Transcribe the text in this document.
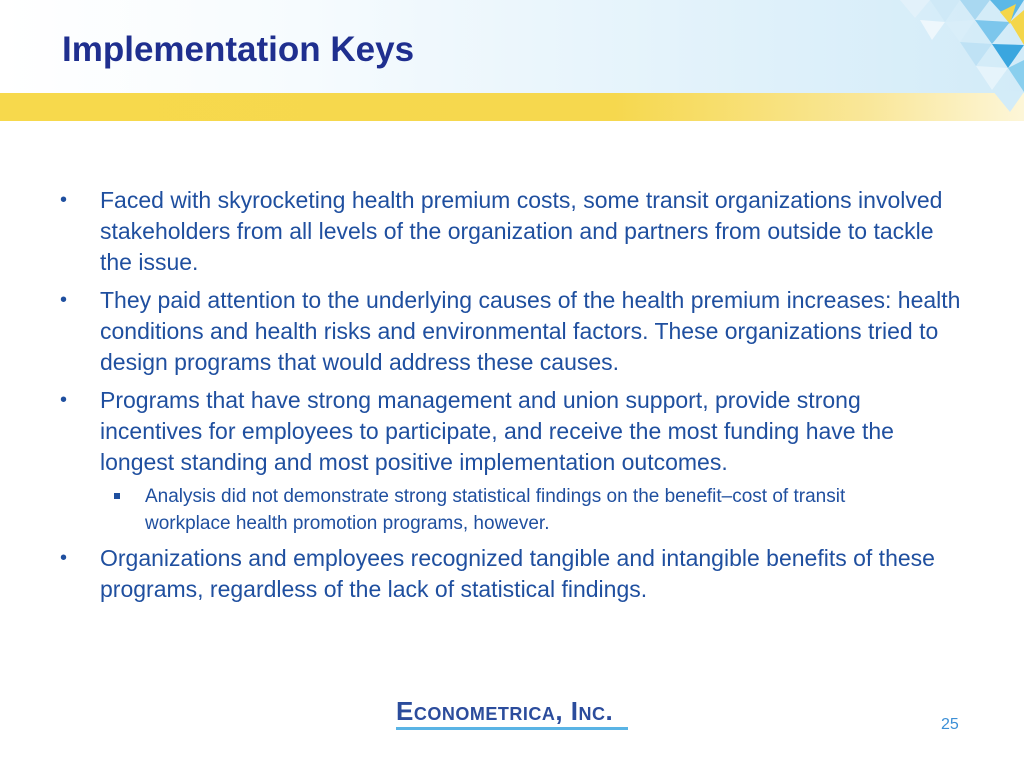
Implementation Keys
• Faced with skyrocketing health premium costs, some transit organizations involved stakeholders from all levels of the organization and partners from outside to tackle the issue.
• They paid attention to the underlying causes of the health premium increases: health conditions and health risks and environmental factors. These organizations tried to design programs that would address these causes.
• Programs that have strong management and union support, provide strong incentives for employees to participate, and receive the most funding have the longest standing and most positive implementation outcomes.
Analysis did not demonstrate strong statistical findings on the benefit–cost of transit workplace health promotion programs, however.
• Organizations and employees recognized tangible and intangible benefits of these programs, regardless of the lack of statistical findings.
Econometrica, Inc.	25
